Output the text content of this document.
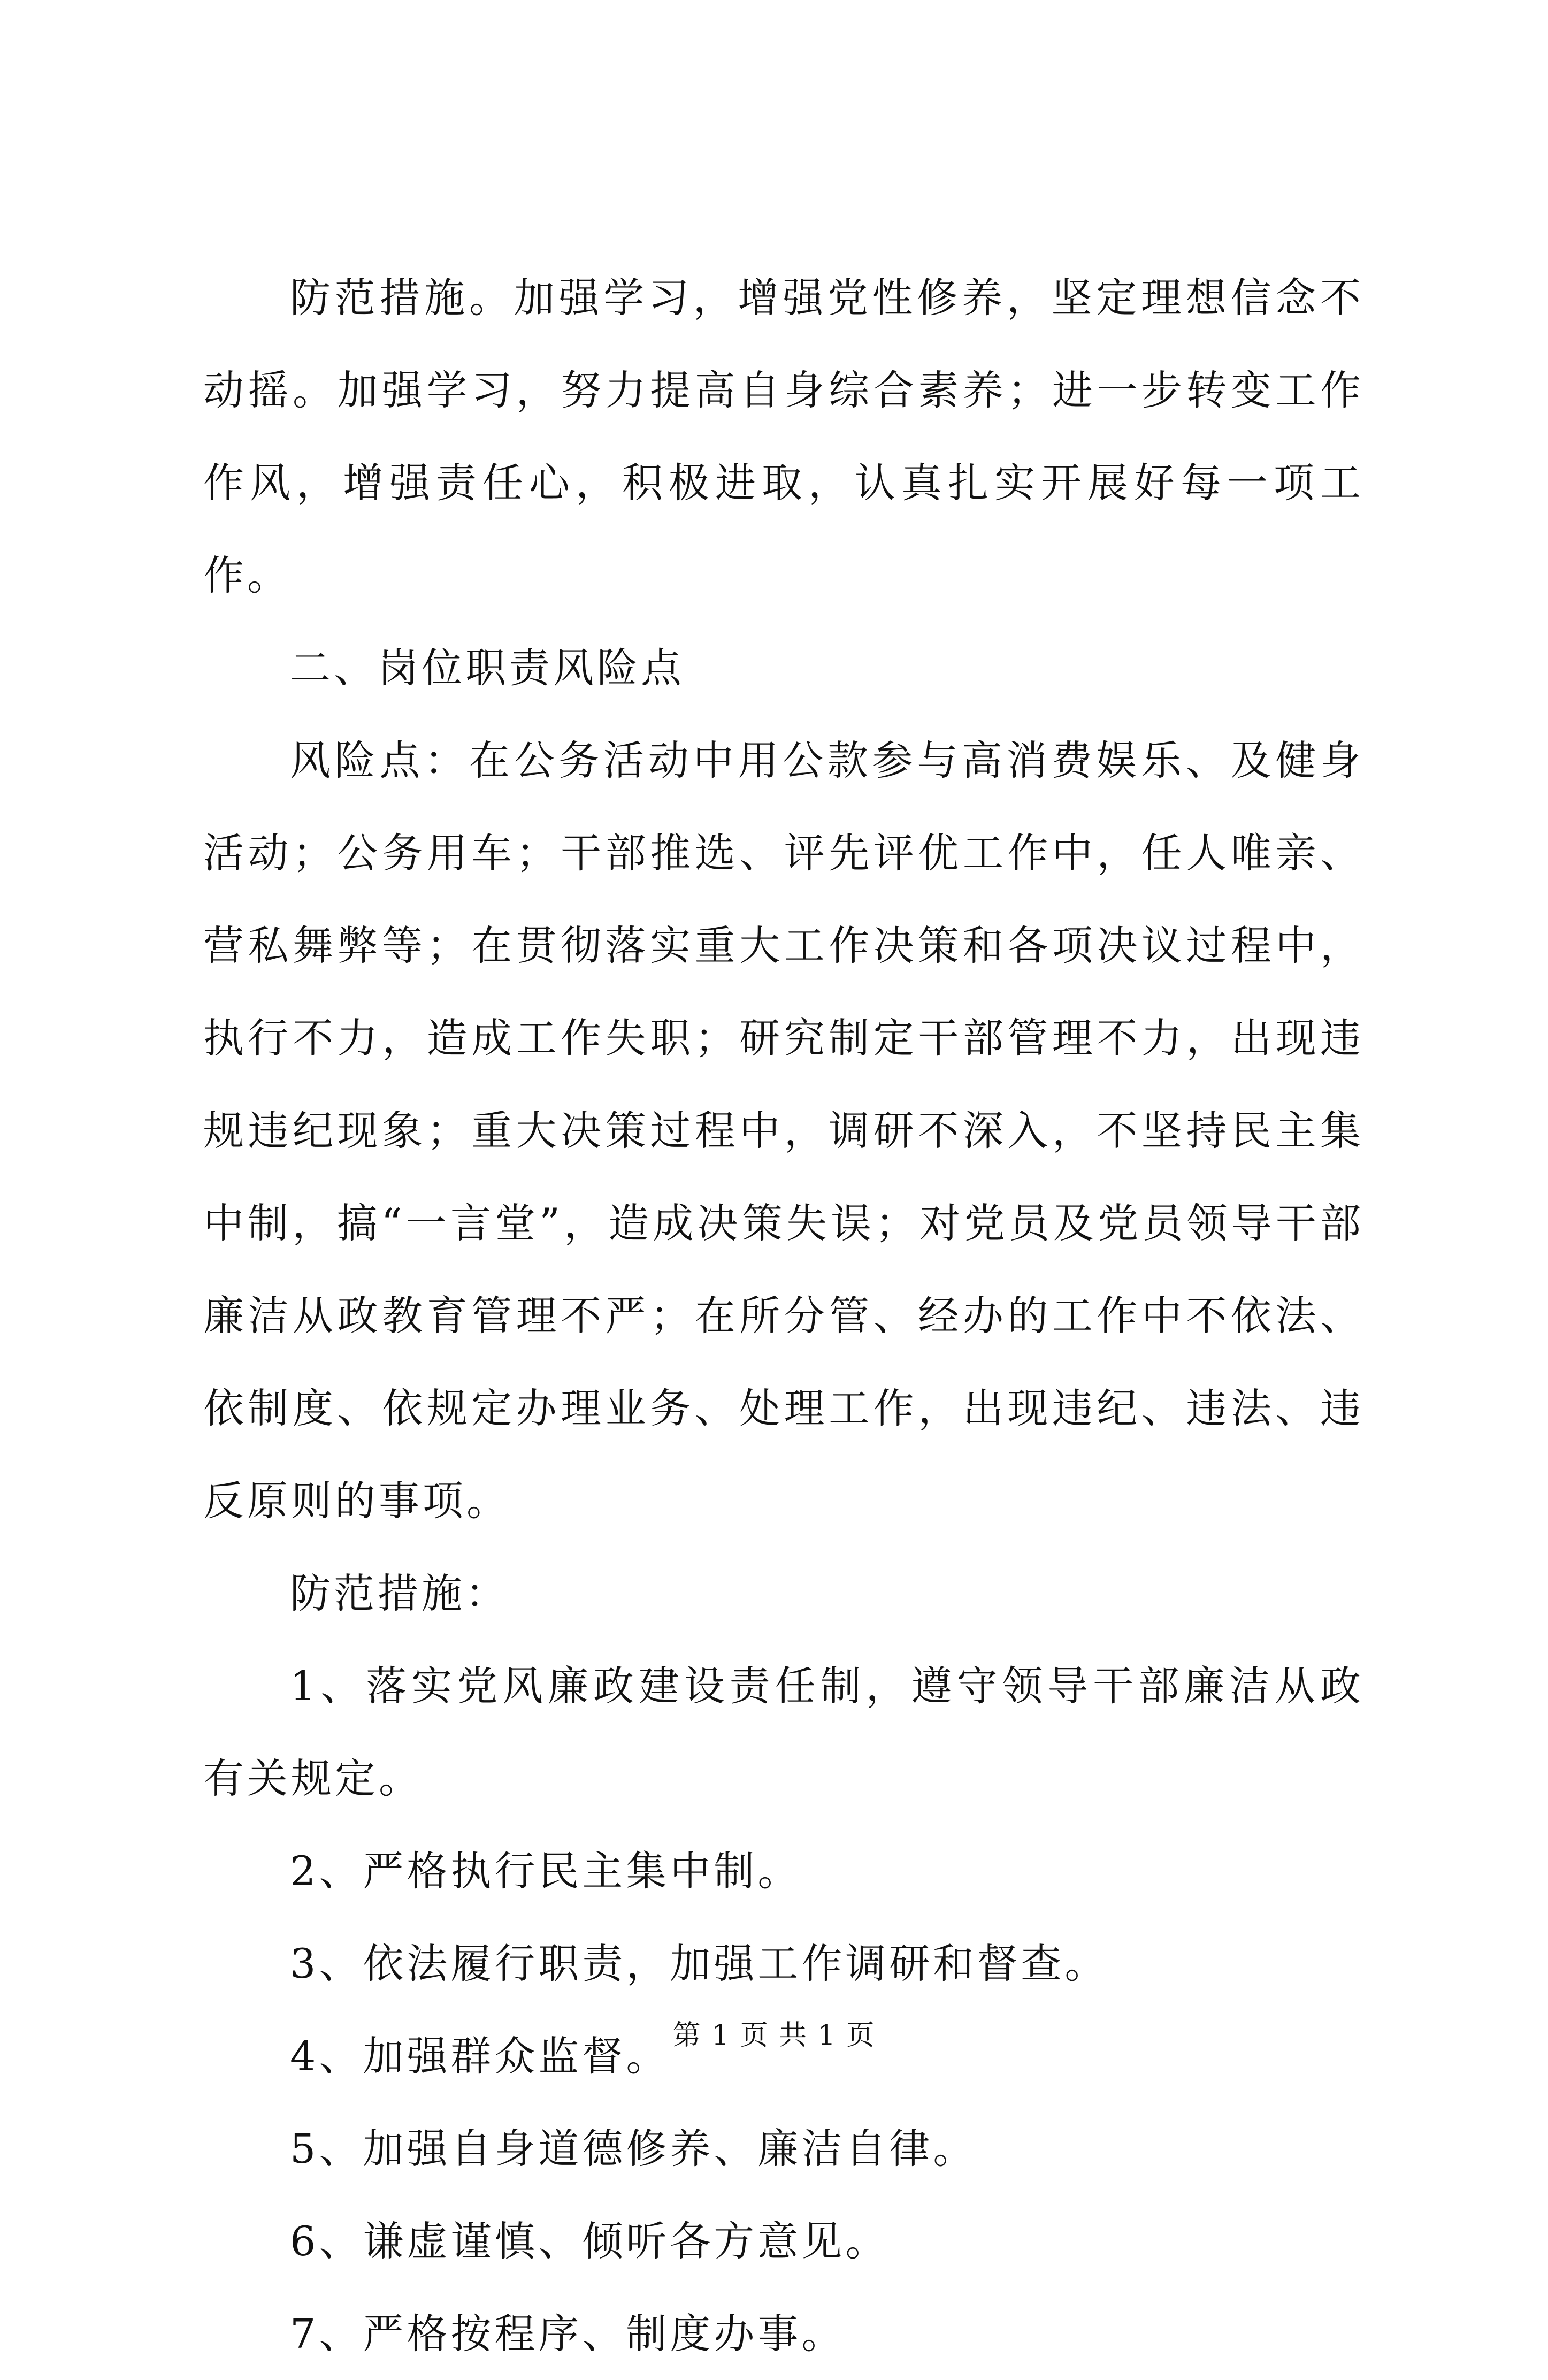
防范措施。加强学习，增强党性修养，坚定理想信念不动摇。加强学习，努力提高自身综合素养；进一步转变工作作风，增强责任心，积极进取，认真扎实开展好每一项工作。

二、岗位职责风险点

风险点：在公务活动中用公款参与高消费娱乐、及健身活动；公务用车；干部推选、评先评优工作中，任人唯亲、营私舞弊等；在贯彻落实重大工作决策和各项决议过程中，执行不力，造成工作失职；研究制定干部管理不力，出现违规违纪现象；重大决策过程中，调研不深入，不坚持民主集中制，搞“一言堂”，造成决策失误；对党员及党员领导干部廉洁从政教育管理不严；在所分管、经办的工作中不依法、依制度、依规定办理业务、处理工作，出现违纪、违法、违反原则的事项。

防范措施：

1、落实党风廉政建设责任制，遵守领导干部廉洁从政有关规定。

2、严格执行民主集中制。

3、依法履行职责，加强工作调研和督查。

4、加强群众监督。

5、加强自身道德修养、廉洁自律。

6、谦虚谨慎、倾听各方意见。

7、严格按程序、制度办事。

第 1 页 共 1 页
